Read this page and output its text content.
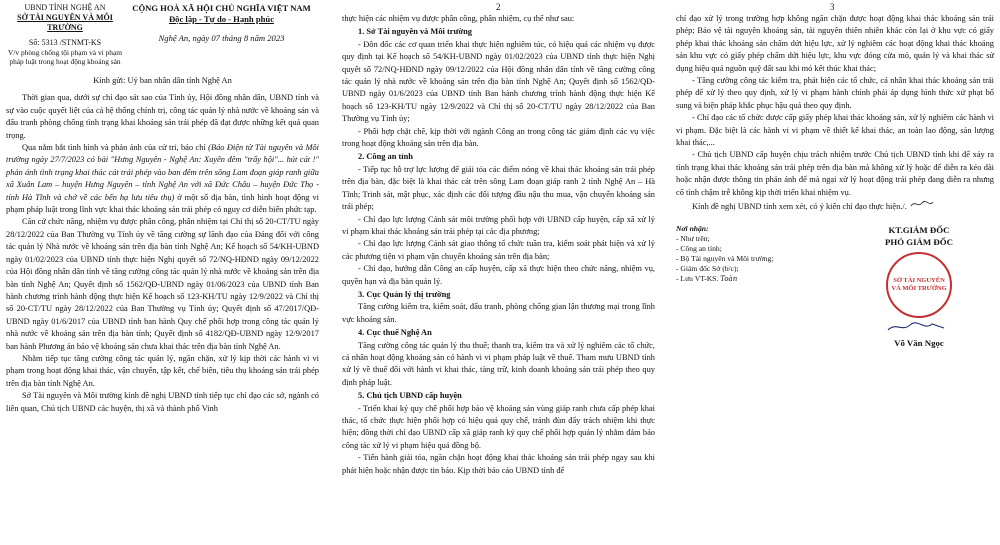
UBND TỈNH NGHỆ AN
SỞ TÀI NGUYÊN VÀ MÔI TRƯỜNG
Số: 5313 /STNMT-KS
V/v phòng chống tội phạm và vi phạm pháp luật trong hoạt động khoáng sản
CỘNG HOÀ XÃ HỘI CHỦ NGHĨA VIỆT NAM
Độc lập - Tự do - Hạnh phúc
Nghệ An, ngày 07 tháng 8 năm 2023

Kính gửi: Uỷ ban nhân dân tỉnh Nghệ An

Thời gian qua, dưới sự chỉ đạo sát sao của Tỉnh ủy, Hội đồng nhân dân, UBND tỉnh và sự vào cuộc quyết liệt của cả hệ thống chính trị, công tác quản lý nhà nước về khoáng sản và đấu tranh phòng chống tình trạng khai khoáng sản trái phép đã đạt được những kết quả quan trọng.

Qua nắm bắt tình hình và phản ánh của cử tri, báo chí (Báo Điện tử Tài nguyên và Môi trường ngày 27/7/2023 có bài "Hưng Nguyên - Nghệ An: Xuyên đêm "trẩy hội"... hút cát !" phản ánh tình trạng khai thác cát trái phép vào ban đêm trên sông Lam đoạn giáp ranh giữa xã Xuân Lam – huyện Hưng Nguyên – tỉnh Nghệ An với xã Đức Châu – huyện Đức Thọ - tỉnh Hà Tĩnh và chở về các bến hạ lưu tiêu thụ) ở một số địa bàn, tình hình hoạt động vi phạm pháp luật trong lĩnh vực khai thác khoáng sản trái phép có nguy cơ diễn biến phức tạp.

Căn cứ chức năng, nhiệm vụ được phân công, phân nhiệm tại Chỉ thị số 20-CT/TU ngày 28/12/2022 của Ban Thường vụ Tỉnh ủy về tăng cường sự lãnh đạo của Đảng đối với công tác quản lý Nhà nước về khoáng sản trên địa bàn tỉnh Nghệ An; Kế hoạch số 54/KH-UBND ngày 01/02/2023 của UBND tỉnh thực hiện Nghị quyết số 72/NQ-HĐND ngày 09/12/2022 của Hội đồng nhân dân tỉnh về tăng cường công tác quản lý nhà nước về khoáng sản trên địa bàn tỉnh Nghệ An; Quyết định số 1562/QĐ-UBND ngày 01/06/2023 của UBND tỉnh Ban hành chương trình hành động thực hiện Kế hoạch số 123-KH/TU ngày 12/9/2022 và Chỉ thị số 20-CT/TU ngày 28/12/2022 của Ban Thường vụ Tỉnh ủy; Quyết định số 47/2017/QĐ-UBND ngày 01/6/2017 của UBND tỉnh ban hành Quy chế phối hợp trong công tác quản lý nhà nước về khoáng sản trên địa bàn tỉnh; Quyết định số 4182/QĐ-UBND ngày 12/9/2017 ban hành Phương án bảo vệ khoáng sản chưa khai thác trên địa bàn tỉnh Nghệ An.

Nhằm tiếp tục tăng cường công tác quản lý, ngăn chặn, xử lý kịp thời các hành vi vi phạm trong hoạt động khai thác, vận chuyển, tập kết, chế biến, tiêu thụ khoáng sản trái phép trên địa bàn tỉnh Nghệ An.

Sở Tài nguyên và Môi trường kính đề nghị UBND tỉnh tiếp tục chỉ đạo các sở, ngành có liên quan, Chủ tịch UBND các huyện, thị xã và thành phố Vinh

2

thực hiện các nhiệm vụ được phân công, phân nhiệm, cụ thể như sau:

1. Sở Tài nguyên và Môi trường

- Đôn đốc các cơ quan triển khai thực hiện nghiêm túc, có hiệu quả các nhiệm vụ được quy định tại Kế hoạch số 54/KH-UBND ngày 01/02/2023 của UBND tỉnh thực hiện Nghị quyết số 72/NQ-HĐND ngày 09/12/2022 của Hội đồng nhân dân tỉnh về tăng cường công tác quản lý nhà nước về khoáng sản trên địa bàn tỉnh Nghệ An; Quyết định số 1562/QĐ-UBND ngày 01/6/2023 của UBND tỉnh Ban hành chương trình hành động thực hiện Kế hoạch số 123-KH/TU ngày 12/9/2022 và Chỉ thị số 20-CT/TU ngày 28/12/2022 của Ban Thường vụ Tỉnh ủy;

- Phối hợp chặt chẽ, kịp thời với ngành Công an trong công tác giám định các vụ việc trong hoạt động khoáng sản trên địa bàn.

2. Công an tỉnh

- Tiếp tục hỗ trợ lực lượng để giải tỏa các điểm nóng về khai thác khoáng sản trái phép trên địa bàn, đặc biệt là khai thác cát trên sông Lam đoạn giáp ranh 2 tỉnh Nghệ An – Hà Tĩnh; Trinh sát, mật phục, xác định các đối tượng đầu nậu thu mua, vận chuyển khoáng sản trái phép;

- Chỉ đạo lực lượng Cảnh sát môi trường phối hợp với UBND cấp huyện, cấp xã xử lý vi phạm khai thác khoáng sản trái phép tại các địa phương;

- Chỉ đạo lực lượng Cảnh sát giao thông tổ chức tuần tra, kiểm soát phát hiện và xử lý các phương tiện vi phạm vận chuyển khoáng sản trên địa bàn;

- Chỉ đạo, hướng dẫn Công an cấp huyện, cấp xã thực hiện theo chức năng, nhiệm vụ, quyền hạn và địa bàn quản lý.

3. Cục Quản lý thị trường

Tăng cường kiểm tra, kiểm soát, đấu tranh, phòng chống gian lận thương mại trong lĩnh vực khoáng sản.

4. Cục thuế Nghệ An

Tăng cường công tác quản lý thu thuế; thanh tra, kiểm tra và xử lý nghiêm các tổ chức, cá nhân hoạt động khoáng sản có hành vi vi phạm pháp luật về thuế. Tham mưu UBND tỉnh xử lý về thuế đối với hành vi khai thác, tàng trữ, kinh doanh khoáng sản trái phép theo quy định pháp luật.

5. Chủ tịch UBND cấp huyện

- Triển khai ký quy chế phối hợp bảo vệ khoáng sản vùng giáp ranh chưa cấp phép khai thác, tổ chức thực hiện phối hợp có hiệu quả quy chế, tránh đùn đẩy trách nhiệm khi thực hiện; đồng thời chỉ đạo UBND cấp xã giáp ranh ký quy chế phối hợp quản lý nhằm đảm bảo công tác xử lý vi phạm hiệu quả đồng bộ.

- Tiến hành giải tỏa, ngăn chặn hoạt động khai thác khoáng sản trái phép ngay sau khi phát hiện hoặc nhận được tin báo. Kịp thời báo cáo UBND tỉnh để

3

chỉ đạo xử lý trong trường hợp không ngăn chặn được hoạt động khai thác khoáng sản trái phép; Bảo vệ tài nguyên khoáng sản, tài nguyên thiên nhiên khác còn lại ở khu vực có giấy phép khai thác khoáng sản chấm dứt hiệu lực, xử lý nghiêm các hoạt động khai thác khoáng sản khu vực có giấy phép chấm dứt hiệu lực, khu vực đóng cửa mỏ, quản lý và khai thác sử dụng hiệu quả nguồn quỹ đất sau khi mỏ kết thúc khai thác;

- Tăng cường công tác kiểm tra, phát hiện các tổ chức, cá nhân khai thác khoáng sản trái phép để xử lý theo quy định, xử lý vi phạm hành chính phải áp dụng hình thức xử phạt bổ sung và biện pháp khắc phục hậu quả theo quy định.

- Chỉ đạo các tổ chức được cấp giấy phép khai thác khoáng sản, xử lý nghiêm các hành vi vi phạm. Đặc biệt là các hành vi vi phạm về thiết kế khai thác, an toàn lao động, sản lượng khai thác,...

- Chủ tịch UBND cấp huyện chịu trách nhiệm trước Chủ tịch UBND tỉnh khi để xảy ra tình trạng khai thác khoáng sản trái phép trên địa bàn mà không xử lý hoặc để diễn ra kéo dài hoặc nhận được thông tin phản ánh để mà ngại xử lý hoạt động trái phép đang diễn ra nhưng cố tình chậm trễ không kịp thời triển khai nhiệm vụ.

Kính đề nghị UBND tỉnh xem xét, có ý kiến chỉ đạo thực hiện./.

Nơi nhận:
- Như trên;
- Công an tỉnh;
- Bộ Tài nguyên và Môi trường;
- Giám đốc Sở (b/c);
- Lưu VT-KS. Toàn
KT.GIÁM ĐỐC
PHÓ GIÁM ĐỐC
SỞ TÀI NGUYÊN VÀ MÔI TRƯỜNG
Võ Văn Ngọc
